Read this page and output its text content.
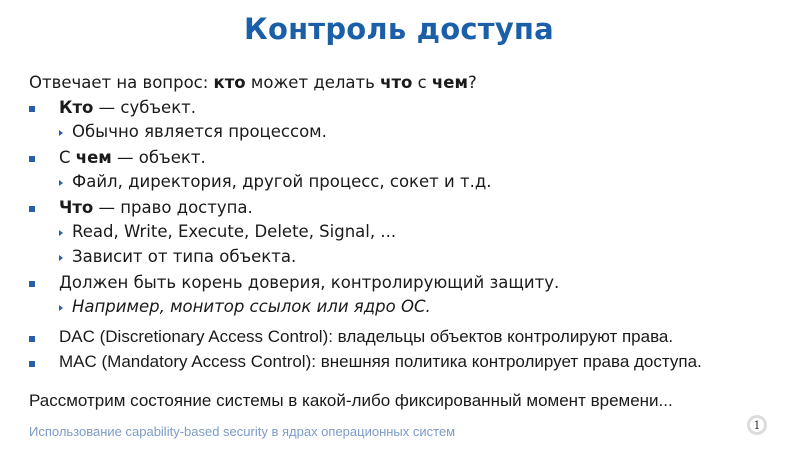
Контроль доступа
Отвечает на вопрос: кто может делать что с чем?
Кто — субъект.
Обычно является процессом.
С чем — объект.
Файл, директория, другой процесс, сокет и т.д.
Что — право доступа.
Read, Write, Execute, Delete, Signal, ...
Зависит от типа объекта.
Должен быть корень доверия, контролирующий защиту.
Например, монитор ссылок или ядро ОС.
DAC (Discretionary Access Control): владельцы объектов контролируют права.
MAC (Mandatory Access Control): внешняя политика контролирует права доступа.
Рассмотрим состояние системы в какой-либо фиксированный момент времени...
Использование capability-based security в ядрах операционных систем	1
